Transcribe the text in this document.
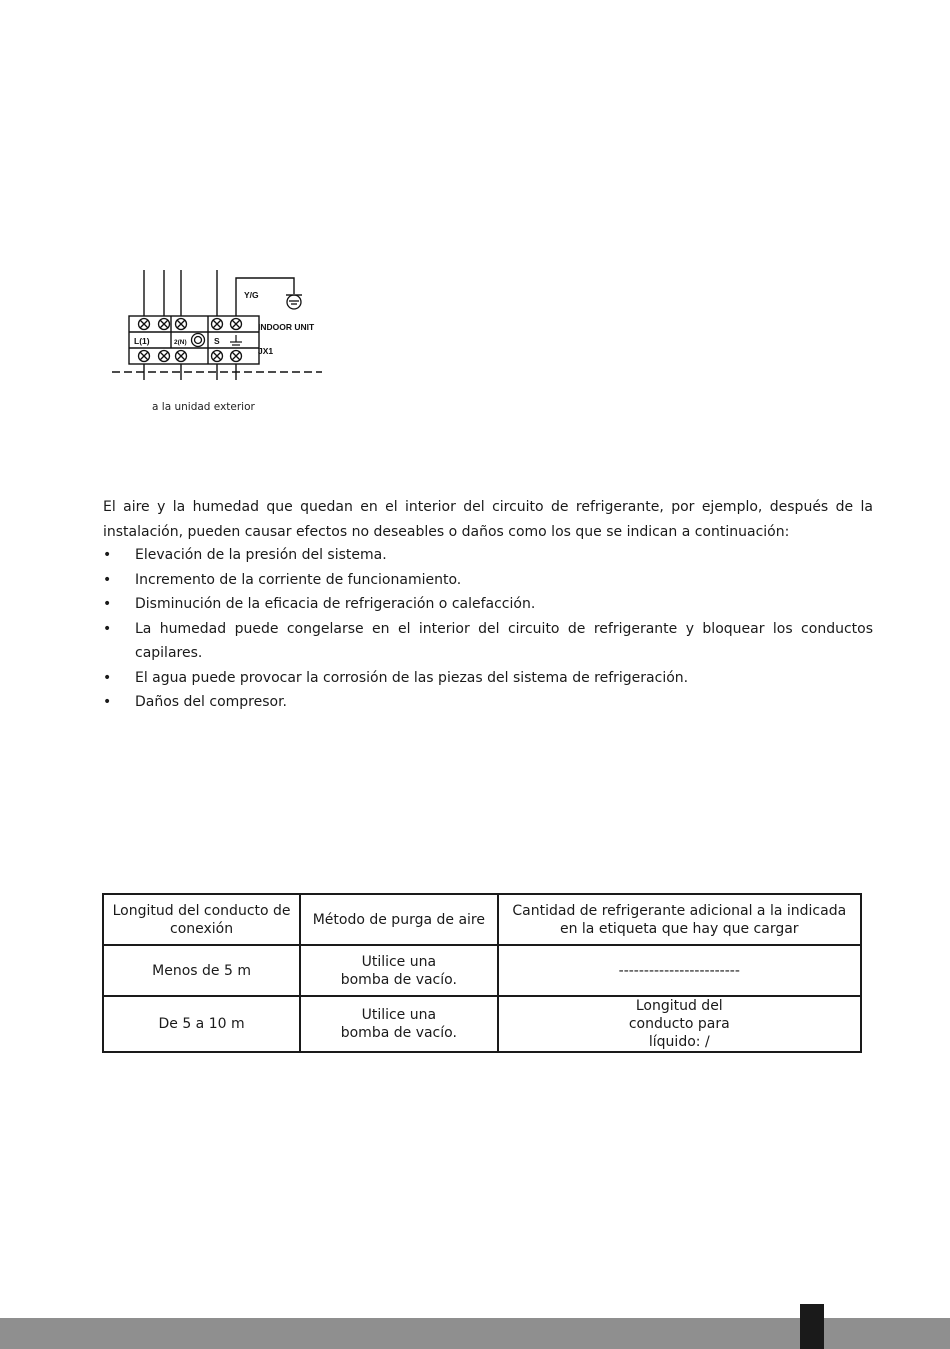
Y/G
INDOOR UNIT
L(1)	2(N)	S
JX1
a la unidad exterior

El aire y la humedad que quedan en el interior del circuito de refrigerante, por ejemplo, después de la instalación, pueden causar efectos no deseables o daños como los que se indican a continuación:

• Elevación de la presión del sistema.
• Incremento de la corriente de funcionamiento.
• Disminución de la eficacia de refrigeración o calefacción.
• La humedad puede congelarse en el interior del circuito de refrigerante y bloquear los conductos capilares.
• El agua puede provocar la corrosión de las piezas del sistema de refrigeración.
• Daños del compresor.
Longitud del conducto de conexión	Método de purga de aire	Cantidad de refrigerante adicional a la indicada en la etiqueta que hay que cargar
Menos de 5 m	Utilice una bomba de vacío.	------------------------
De 5 a 10 m	Utilice una bomba de vacío.	Longitud del conducto para líquido: /
